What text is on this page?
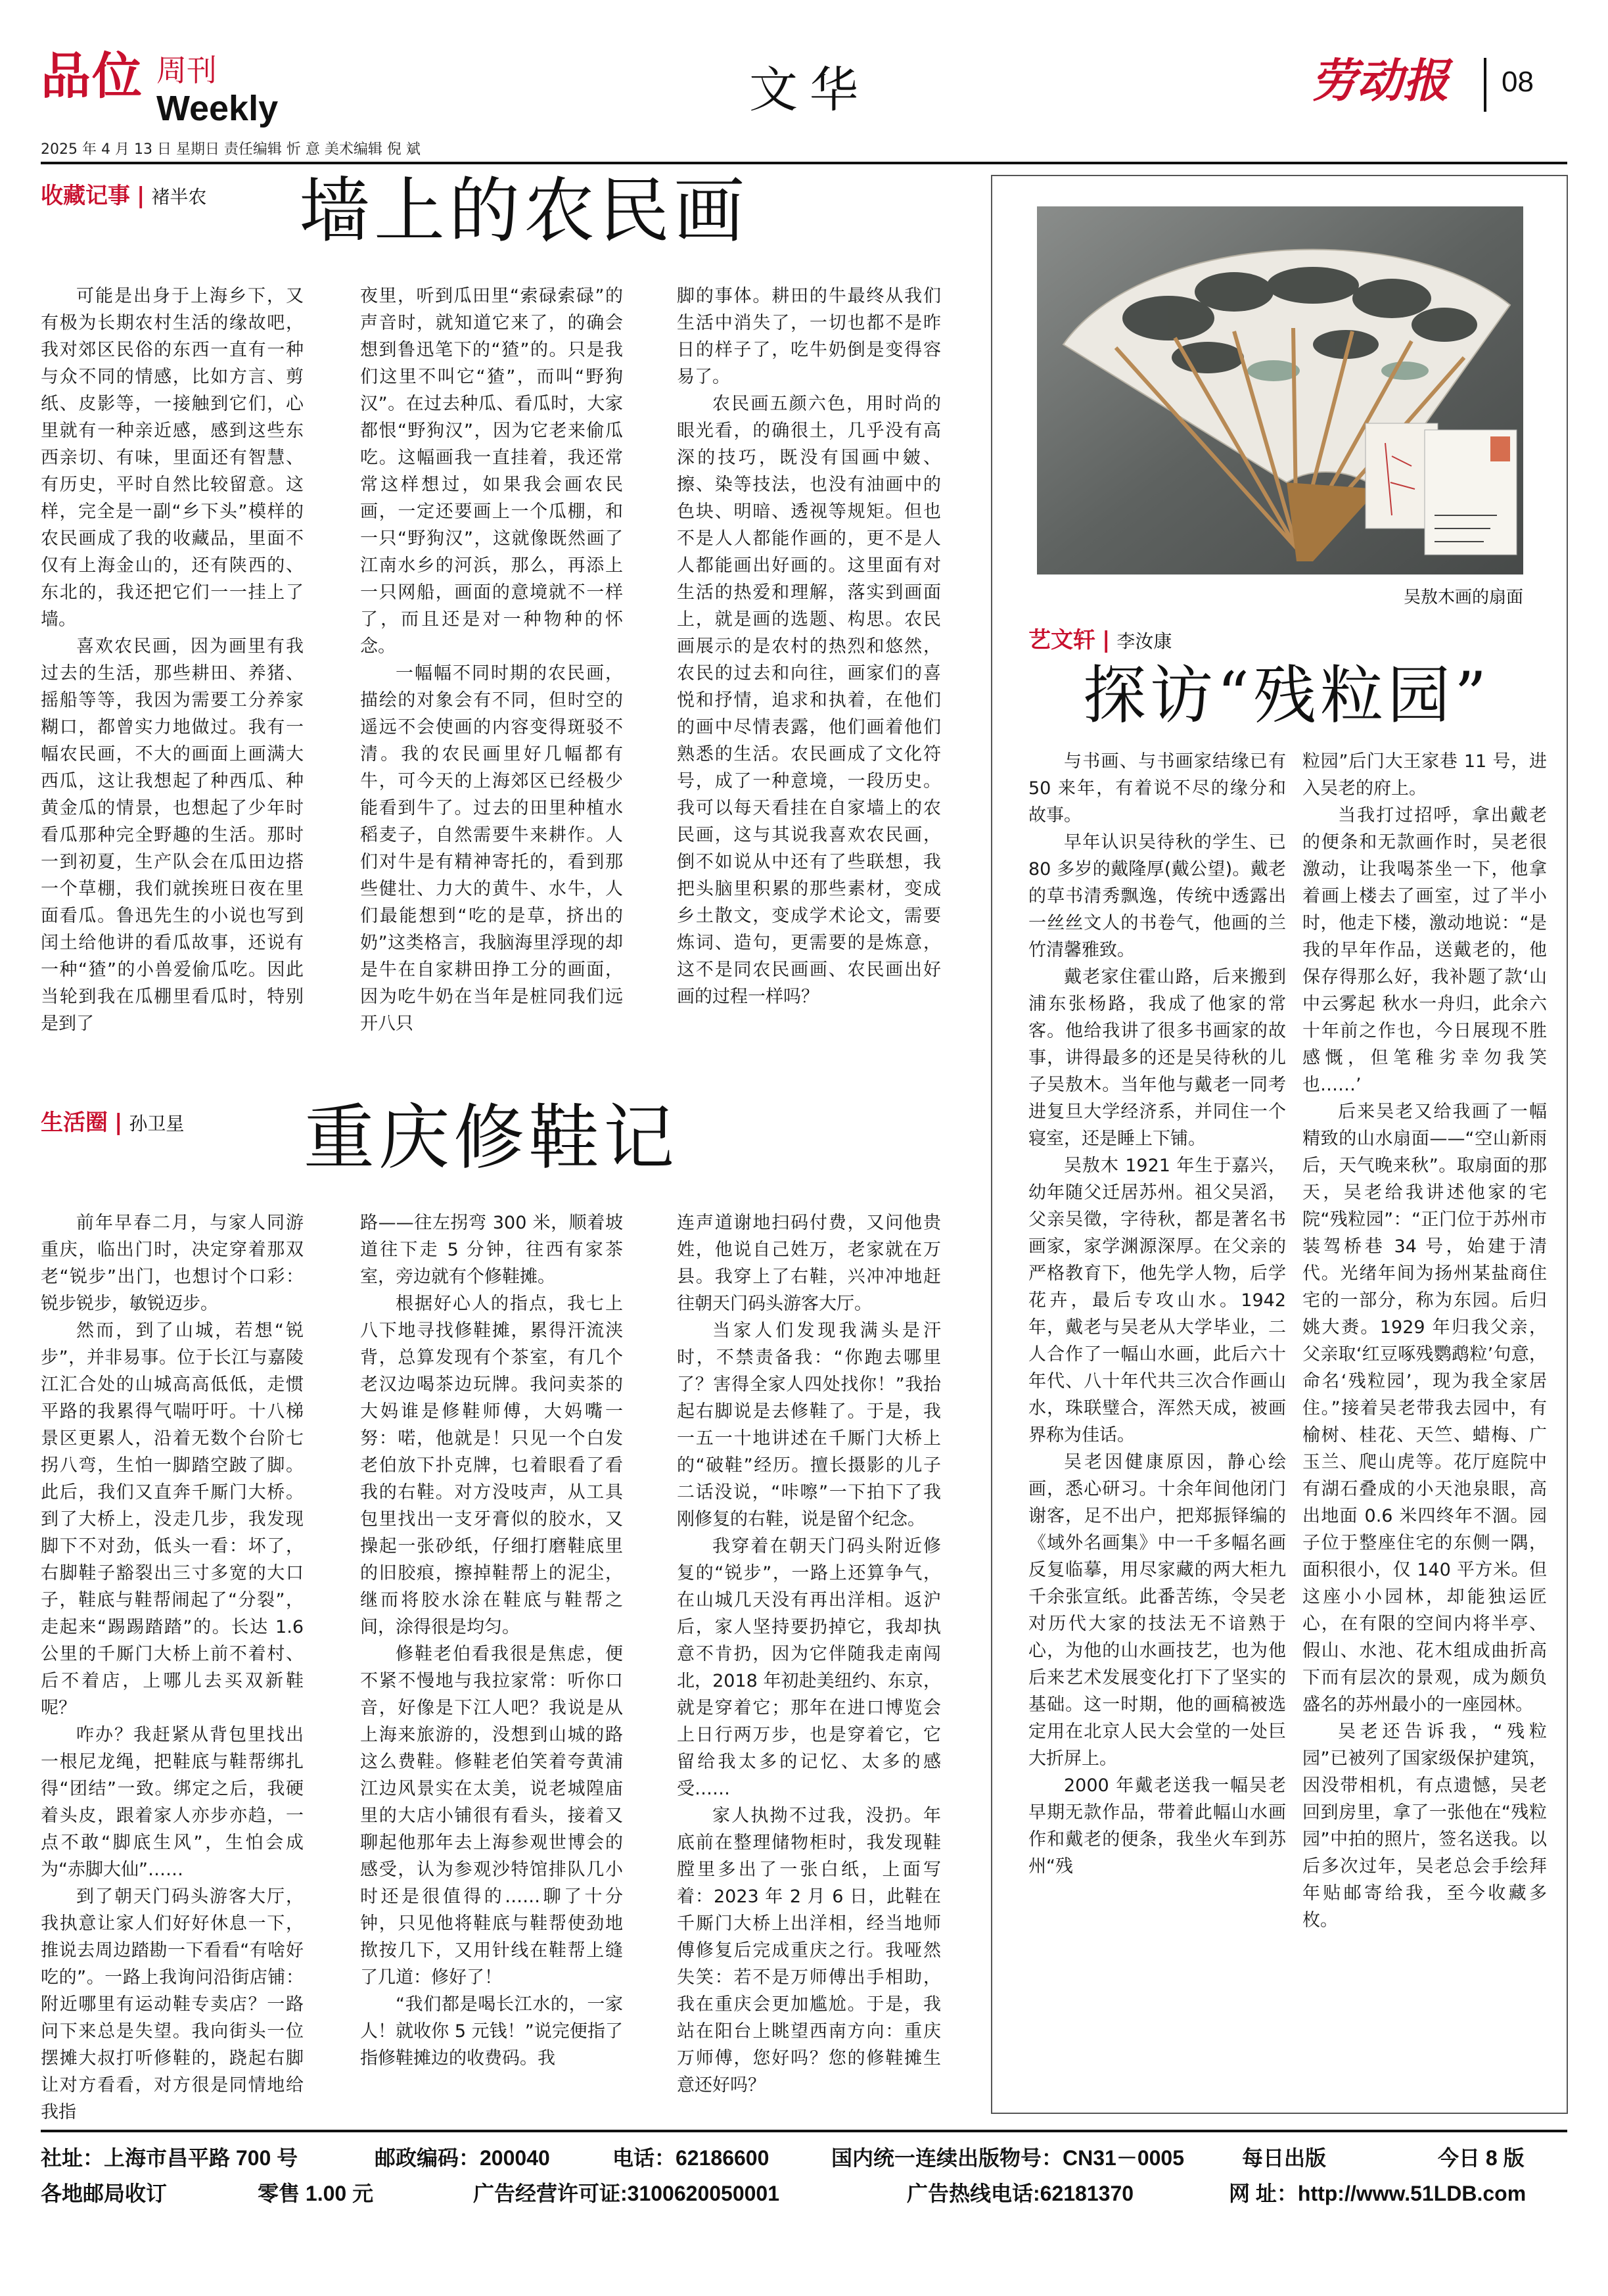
品位 周刊
Weekly
2025 年 4 月 13 日 星期日 责任编辑 忻 意 美术编辑 倪 斌
文华	劳动报 08
收藏记事 | 褚半农 墙上的农民画

可能是出身于上海乡下，又有极为长期农村生活的缘故吧，我对郊区民俗的东西一直有一种与众不同的情感，比如方言、剪纸、皮影等，一接触到它们，心里就有一种亲近感，感到这些东西亲切、有味，里面还有智慧、有历史，平时自然比较留意。这样，完全是一副“乡下头”模样的农民画成了我的收藏品，里面不仅有上海金山的，还有陕西的、东北的，我还把它们一一挂上了墙。

喜欢农民画，因为画里有我过去的生活，那些耕田、养猪、摇船等等，我因为需要工分养家糊口，都曾实力地做过。我有一幅农民画，不大的画面上画满大西瓜，这让我想起了种西瓜、种黄金瓜的情景，也想起了少年时看瓜那种完全野趣的生活。那时一到初夏，生产队会在瓜田边搭一个草棚，我们就挨班日夜在里面看瓜。鲁迅先生的小说也写到闰土给他讲的看瓜故事，还说有一种“猹”的小兽爱偷瓜吃。因此当轮到我在瓜棚里看瓜时，特别是到了

夜里，听到瓜田里“索碌索碌”的声音时，就知道它来了，的确会想到鲁迅笔下的“猹”的。只是我们这里不叫它“猹”，而叫“野狗汉”。在过去种瓜、看瓜时，大家都恨“野狗汉”，因为它老来偷瓜吃。这幅画我一直挂着，我还常常这样想过，如果我会画农民画，一定还要画上一个瓜棚，和一只“野狗汉”，这就像既然画了江南水乡的河浜，那么，再添上一只网船，画面的意境就不一样了，而且还是对一种物种的怀念。

一幅幅不同时期的农民画，描绘的对象会有不同，但时空的遥远不会使画的内容变得斑驳不清。我的农民画里好几幅都有牛，可今天的上海郊区已经极少能看到牛了。过去的田里种植水稻麦子，自然需要牛来耕作。人们对牛是有精神寄托的，看到那些健壮、力大的黄牛、水牛，人们最能想到“吃的是草，挤出的奶”这类格言，我脑海里浮现的却是牛在自家耕田挣工分的画面，因为吃牛奶在当年是桩同我们远开八只

脚的事体。耕田的牛最终从我们生活中消失了，一切也都不是昨日的样子了，吃牛奶倒是变得容易了。

农民画五颜六色，用时尚的眼光看，的确很土，几乎没有高深的技巧，既没有国画中皴、擦、染等技法，也没有油画中的色块、明暗、透视等规矩。但也不是人人都能作画的，更不是人人都能画出好画的。这里面有对生活的热爱和理解，落实到画面上，就是画的选题、构思。农民画展示的是农村的热烈和悠然，农民的过去和向往，画家们的喜悦和抒情，追求和执着，在他们的画中尽情表露，他们画着他们熟悉的生活。农民画成了文化符号，成了一种意境，一段历史。我可以每天看挂在自家墙上的农民画，这与其说我喜欢农民画，倒不如说从中还有了些联想，我把头脑里积累的那些素材，变成乡土散文，变成学术论文，需要炼词、造句，更需要的是炼意，这不是同农民画画、农民画出好画的过程一样吗？

生活圈 | 孙卫星 重庆修鞋记

前年早春二月，与家人同游重庆，临出门时，决定穿着那双老“锐步”出门，也想讨个口彩：锐步锐步，敏锐迈步。

然而，到了山城，若想“锐步”，并非易事。位于长江与嘉陵江汇合处的山城高高低低，走惯平路的我累得气喘吁吁。十八梯景区更累人，沿着无数个台阶七拐八弯，生怕一脚踏空跛了脚。此后，我们又直奔千厮门大桥。到了大桥上，没走几步，我发现脚下不对劲，低头一看：坏了，右脚鞋子豁裂出三寸多宽的大口子，鞋底与鞋帮闹起了“分裂”，走起来“踢踢踏踏”的。长达 1.6 公里的千厮门大桥上前不着村、后不着店，上哪儿去买双新鞋呢？

咋办？我赶紧从背包里找出一根尼龙绳，把鞋底与鞋帮绑扎得“团结”一致。绑定之后，我硬着头皮，跟着家人亦步亦趋，一点不敢“脚底生风”，生怕会成为“赤脚大仙”……

到了朝天门码头游客大厅，我执意让家人们好好休息一下，推说去周边踏勘一下看看“有啥好吃的”。一路上我询问沿街店铺：附近哪里有运动鞋专卖店？一路问下来总是失望。我向街头一位摆摊大叔打听修鞋的，跷起右脚让对方看看，对方很是同情地给我指

路——往左拐弯 300 米，顺着坡道往下走 5 分钟，往西有家茶室，旁边就有个修鞋摊。

根据好心人的指点，我七上八下地寻找修鞋摊，累得汗流浃背，总算发现有个茶室，有几个老汉边喝茶边玩牌。我问卖茶的大妈谁是修鞋师傅，大妈嘴一努：喏，他就是！只见一个白发老伯放下扑克牌，乜着眼看了看我的右鞋。对方没吱声，从工具包里找出一支牙膏似的胶水，又操起一张砂纸，仔细打磨鞋底里的旧胶痕，擦掉鞋帮上的泥尘，继而将胶水涂在鞋底与鞋帮之间，涂得很是均匀。

修鞋老伯看我很是焦虑，便不紧不慢地与我拉家常：听你口音，好像是下江人吧？我说是从上海来旅游的，没想到山城的路这么费鞋。修鞋老伯笑着夸黄浦江边风景实在太美，说老城隍庙里的大店小铺很有看头，接着又聊起他那年去上海参观世博会的感受，认为参观沙特馆排队几小时还是很值得的……聊了十分钟，只见他将鞋底与鞋帮使劲地揿按几下，又用针线在鞋帮上缝了几道：修好了！

“我们都是喝长江水的，一家人！就收你 5 元钱！”说完便指了指修鞋摊边的收费码。我

连声道谢地扫码付费，又问他贵姓，他说自己姓万，老家就在万县。我穿上了右鞋，兴冲冲地赶往朝天门码头游客大厅。

当家人们发现我满头是汗时，不禁责备我：“你跑去哪里了？害得全家人四处找你！”我抬起右脚说是去修鞋了。于是，我一五一十地讲述在千厮门大桥上的“破鞋”经历。擅长摄影的儿子二话没说，“咔嚓”一下拍下了我刚修复的右鞋，说是留个纪念。

我穿着在朝天门码头附近修复的“锐步”，一路上还算争气，在山城几天没有再出洋相。返沪后，家人坚持要扔掉它，我却执意不肯扔，因为它伴随我走南闯北，2018 年初赴美纽约、东京，就是穿着它；那年在进口博览会上日行两万步，也是穿着它，它留给我太多的记忆、太多的感受……

家人执拗不过我，没扔。年底前在整理储物柜时，我发现鞋膛里多出了一张白纸，上面写着：2023 年 2 月 6 日，此鞋在千厮门大桥上出洋相，经当地师傅修复后完成重庆之行。我哑然失笑：若不是万师傅出手相助，我在重庆会更加尴尬。于是，我站在阳台上眺望西南方向：重庆万师傅，您好吗？您的修鞋摊生意还好吗？

吴敖木画的扇面
艺文轩 | 李汝康
探访“残粒园”

与书画、与书画家结缘已有 50 来年，有着说不尽的缘分和故事。

早年认识吴待秋的学生、已 80 多岁的戴隆厚(戴公望)。戴老的草书清秀飘逸，传统中透露出一丝丝文人的书卷气，他画的兰竹清馨雅致。

戴老家住霍山路，后来搬到浦东张杨路，我成了他家的常客。他给我讲了很多书画家的故事，讲得最多的还是吴待秋的儿子吴敖木。当年他与戴老一同考进复旦大学经济系，并同住一个寝室，还是睡上下铺。

吴敖木 1921 年生于嘉兴，幼年随父迁居苏州。祖父吴滔，父亲吴徵，字待秋，都是著名书画家，家学渊源深厚。在父亲的严格教育下，他先学人物，后学花卉，最后专攻山水。1942 年，戴老与吴老从大学毕业，二人合作了一幅山水画，此后六十年代、八十年代共三次合作画山水，珠联璧合，浑然天成，被画界称为佳话。

吴老因健康原因，静心绘画，悉心研习。十余年间他闭门谢客，足不出户，把郑振铎编的《域外名画集》中一千多幅名画反复临摹，用尽家藏的两大柜九千余张宣纸。此番苦练，令吴老对历代大家的技法无不谙熟于心，为他的山水画技艺，也为他后来艺术发展变化打下了坚实的基础。这一时期，他的画稿被选定用在北京人民大会堂的一处巨大折屏上。

2000 年戴老送我一幅吴老早期无款作品，带着此幅山水画作和戴老的便条，我坐火车到苏州“残

粒园”后门大王家巷 11 号，进入吴老的府上。

当我打过招呼，拿出戴老的便条和无款画作时，吴老很激动，让我喝茶坐一下，他拿着画上楼去了画室，过了半小时，他走下楼，激动地说：“是我的早年作品，送戴老的，他保存得那么好，我补题了款‘山中云雾起 秋水一舟归，此余六十年前之作也，今日展现不胜感慨，但笔稚劣幸勿我笑也……’

后来吴老又给我画了一幅精致的山水扇面——“空山新雨后，天气晚来秋”。取扇面的那天，吴老给我讲述他家的宅院“残粒园”：“正门位于苏州市装驾桥巷 34 号，始建于清代。光绪年间为扬州某盐商住宅的一部分，称为东园。后归姚大赉。1929 年归我父亲，父亲取‘红豆啄残鹦鹉粒’句意，命名‘残粒园’，现为我全家居住。”接着吴老带我去园中，有榆树、桂花、天竺、蜡梅、广玉兰、爬山虎等。花厅庭院中有湖石叠成的小天池泉眼，高出地面 0.6 米四终年不涸。园子位于整座住宅的东侧一隅，面积很小，仅 140 平方米。但这座小小园林，却能独运匠心，在有限的空间内将半亭、假山、水池、花木组成曲折高下而有层次的景观，成为颇负盛名的苏州最小的一座园林。

吴老还告诉我，“残粒园”已被列了国家级保护建筑，因没带相机，有点遗憾，吴老回到房里，拿了一张他在“残粒园”中拍的照片，签名送我。以后多次过年，吴老总会手绘拜年贴邮寄给我，至今收藏多枚。

社址：上海市昌平路 700 号	邮政编码：200040	电话：62186600	国内统一连续出版物号：CN31－0005	每日出版	今日 8 版
各地邮局收订	零售 1.00 元	广告经营许可证:3100620050001	广告热线电话:62181370	网 址：http://www.51LDB.com
